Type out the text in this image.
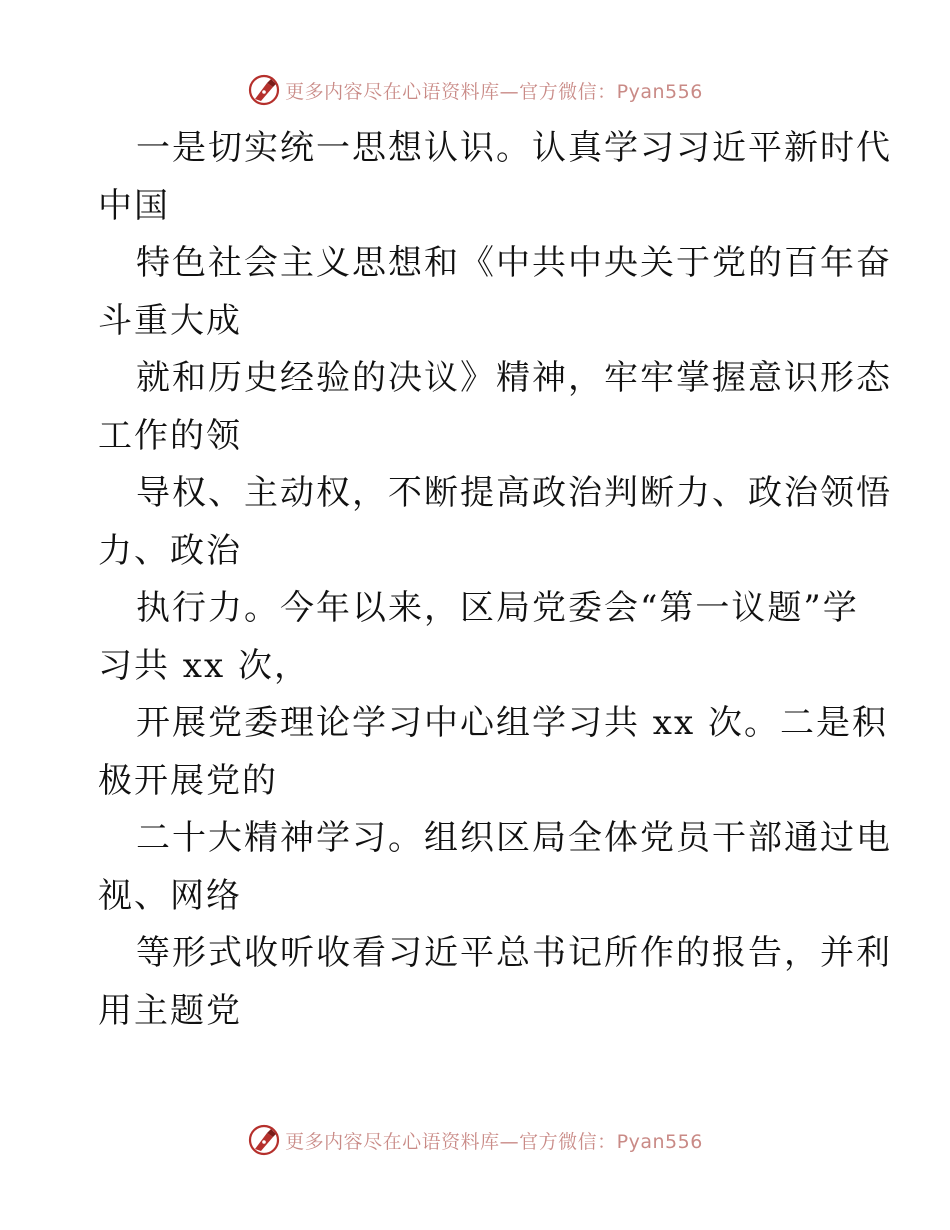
更多内容尽在心语资料库—官方微信：Pyan556
一是切实统一思想认识。认真学习习近平新时代
中国
特色社会主义思想和《中共中央关于党的百年奋
斗重大成
就和历史经验的决议》精神，牢牢掌握意识形态
工作的领
导权、主动权，不断提高政治判断力、政治领悟
力、政治
执行力。今年以来，区局党委会“第一议题”学
习共 xx 次，
开展党委理论学习中心组学习共 xx 次。二是积
极开展党的
二十大精神学习。组织区局全体党员干部通过电
视、网络
等形式收听收看习近平总书记所作的报告，并利
用主题党
更多内容尽在心语资料库—官方微信：Pyan556
